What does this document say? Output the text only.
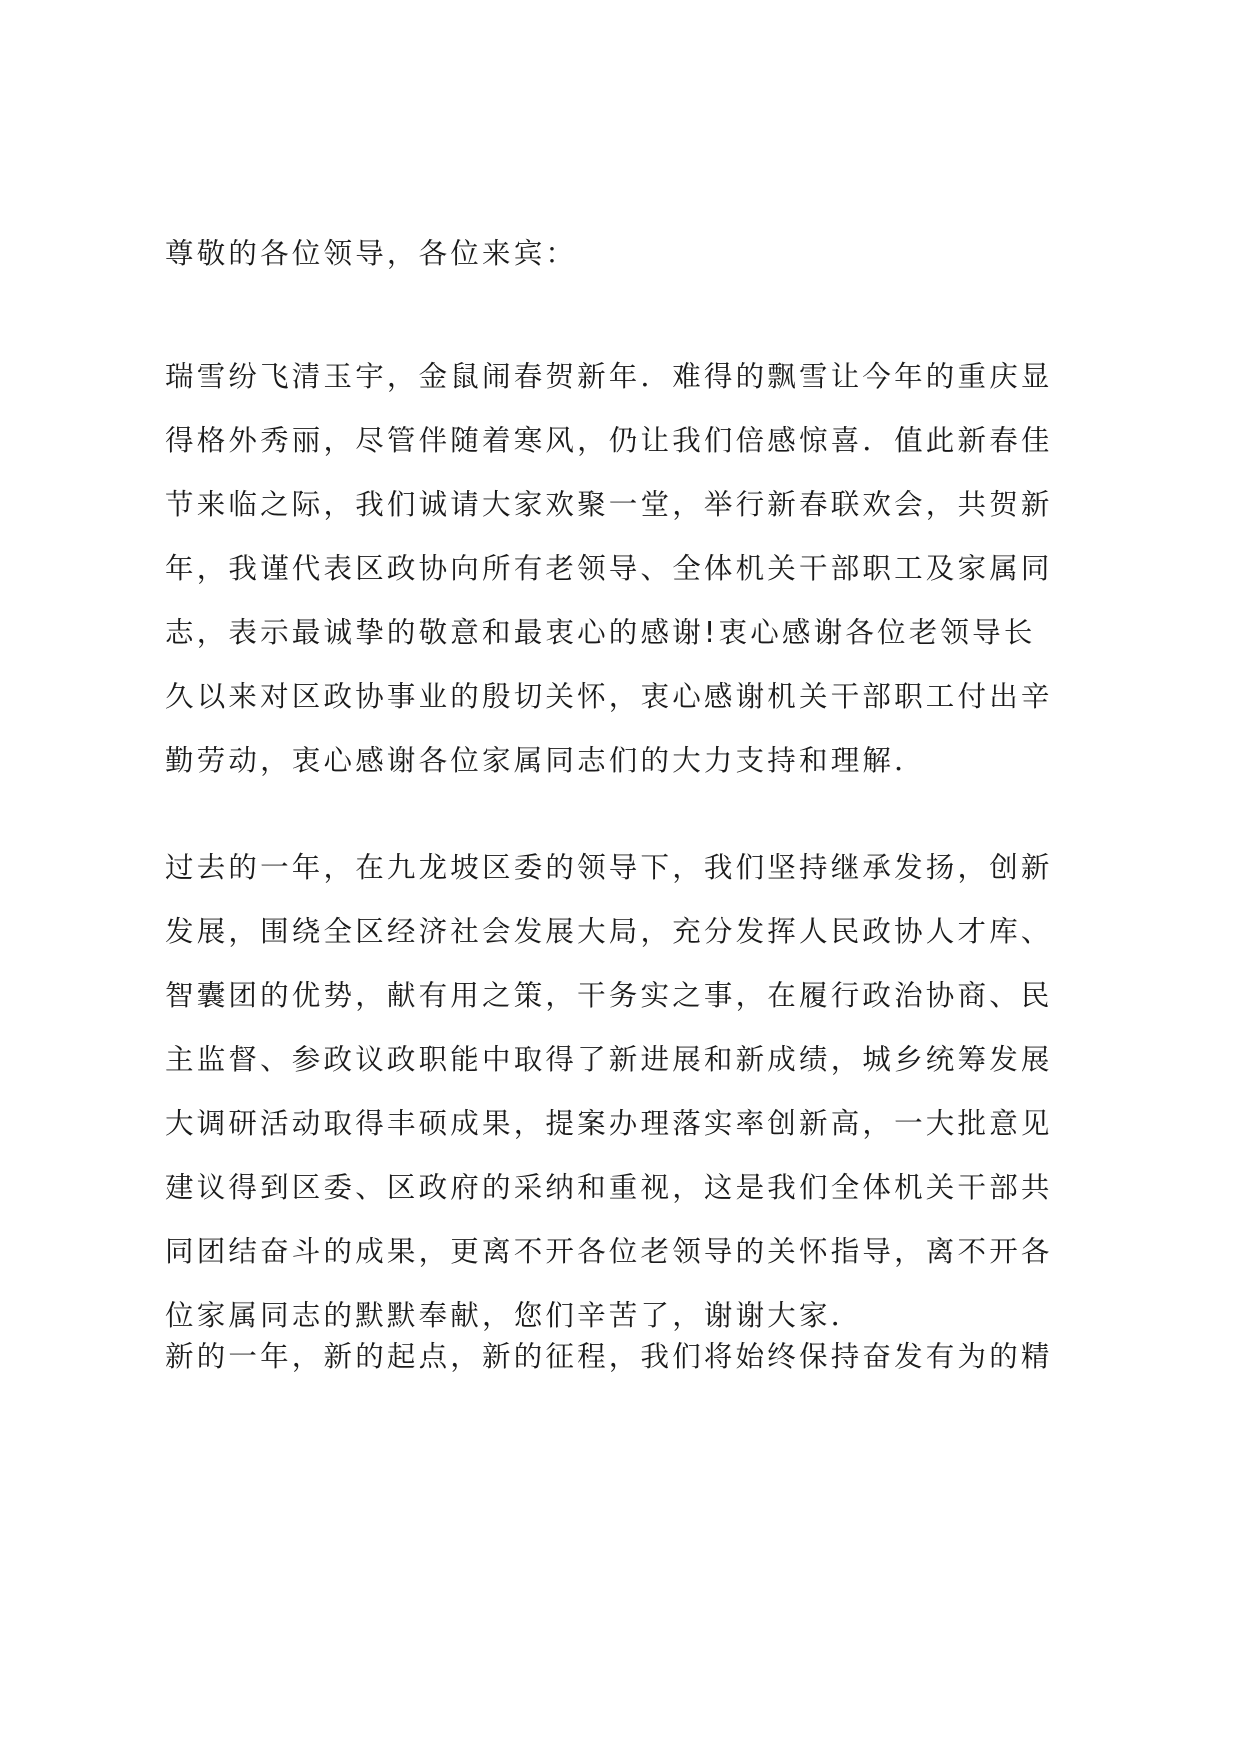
尊敬的各位领导，各位来宾：
瑞雪纷飞清玉宇，金鼠闹春贺新年．难得的飘雪让今年的重庆显
得格外秀丽，尽管伴随着寒风，仍让我们倍感惊喜．值此新春佳
节来临之际，我们诚请大家欢聚一堂，举行新春联欢会，共贺新
年，我谨代表区政协向所有老领导、全体机关干部职工及家属同
志，表示最诚挚的敬意和最衷心的感谢!衷心感谢各位老领导长
久以来对区政协事业的殷切关怀，衷心感谢机关干部职工付出辛
勤劳动，衷心感谢各位家属同志们的大力支持和理解．
过去的一年，在九龙坡区委的领导下，我们坚持继承发扬，创新
发展，围绕全区经济社会发展大局，充分发挥人民政协人才库、
智囊团的优势，献有用之策，干务实之事，在履行政治协商、民
主监督、参政议政职能中取得了新进展和新成绩，城乡统筹发展
大调研活动取得丰硕成果，提案办理落实率创新高，一大批意见
建议得到区委、区政府的采纳和重视，这是我们全体机关干部共
同团结奋斗的成果，更离不开各位老领导的关怀指导，离不开各
位家属同志的默默奉献，您们辛苦了，谢谢大家．
新的一年，新的起点，新的征程，我们将始终保持奋发有为的精
